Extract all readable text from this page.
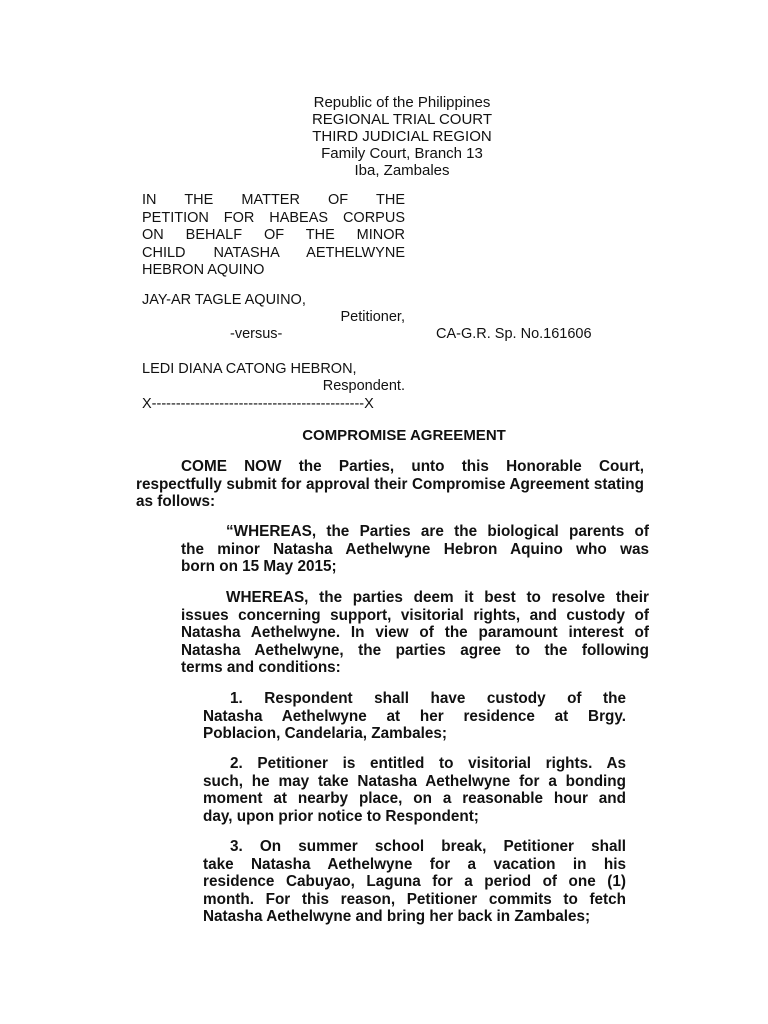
Republic of the Philippines
REGIONAL TRIAL COURT
THIRD JUDICIAL REGION
Family Court, Branch 13
Iba, Zambales
IN THE MATTER OF THE
PETITION FOR HABEAS CORPUS
ON BEHALF OF THE MINOR
CHILD NATASHA AETHELWYNE
HEBRON AQUINO
JAY-AR TAGLE AQUINO,
Petitioner,
-versus-	CA-G.R. Sp. No.161606
LEDI DIANA CATONG HEBRON,
Respondent.
X--------------------------------------------X
COMPROMISE AGREEMENT
COME NOW the Parties, unto this Honorable Court,
respectfully submit for approval their Compromise Agreement stating
as follows:
“WHEREAS, the Parties are the biological parents of
the minor Natasha Aethelwyne Hebron Aquino who was
born on 15 May 2015;
WHEREAS, the parties deem it best to resolve their
issues concerning support, visitorial rights, and custody of
Natasha Aethelwyne. In view of the paramount interest of
Natasha Aethelwyne, the parties agree to the following
terms and conditions:
1. Respondent shall have custody of the
Natasha Aethelwyne at her residence at Brgy.
Poblacion, Candelaria, Zambales;
2. Petitioner is entitled to visitorial rights. As
such, he may take Natasha Aethelwyne for a bonding
moment at nearby place, on a reasonable hour and
day, upon prior notice to Respondent;
3. On summer school break, Petitioner shall
take Natasha Aethelwyne for a vacation in his
residence Cabuyao, Laguna for a period of one (1)
month. For this reason, Petitioner commits to fetch
Natasha Aethelwyne and bring her back in Zambales;
